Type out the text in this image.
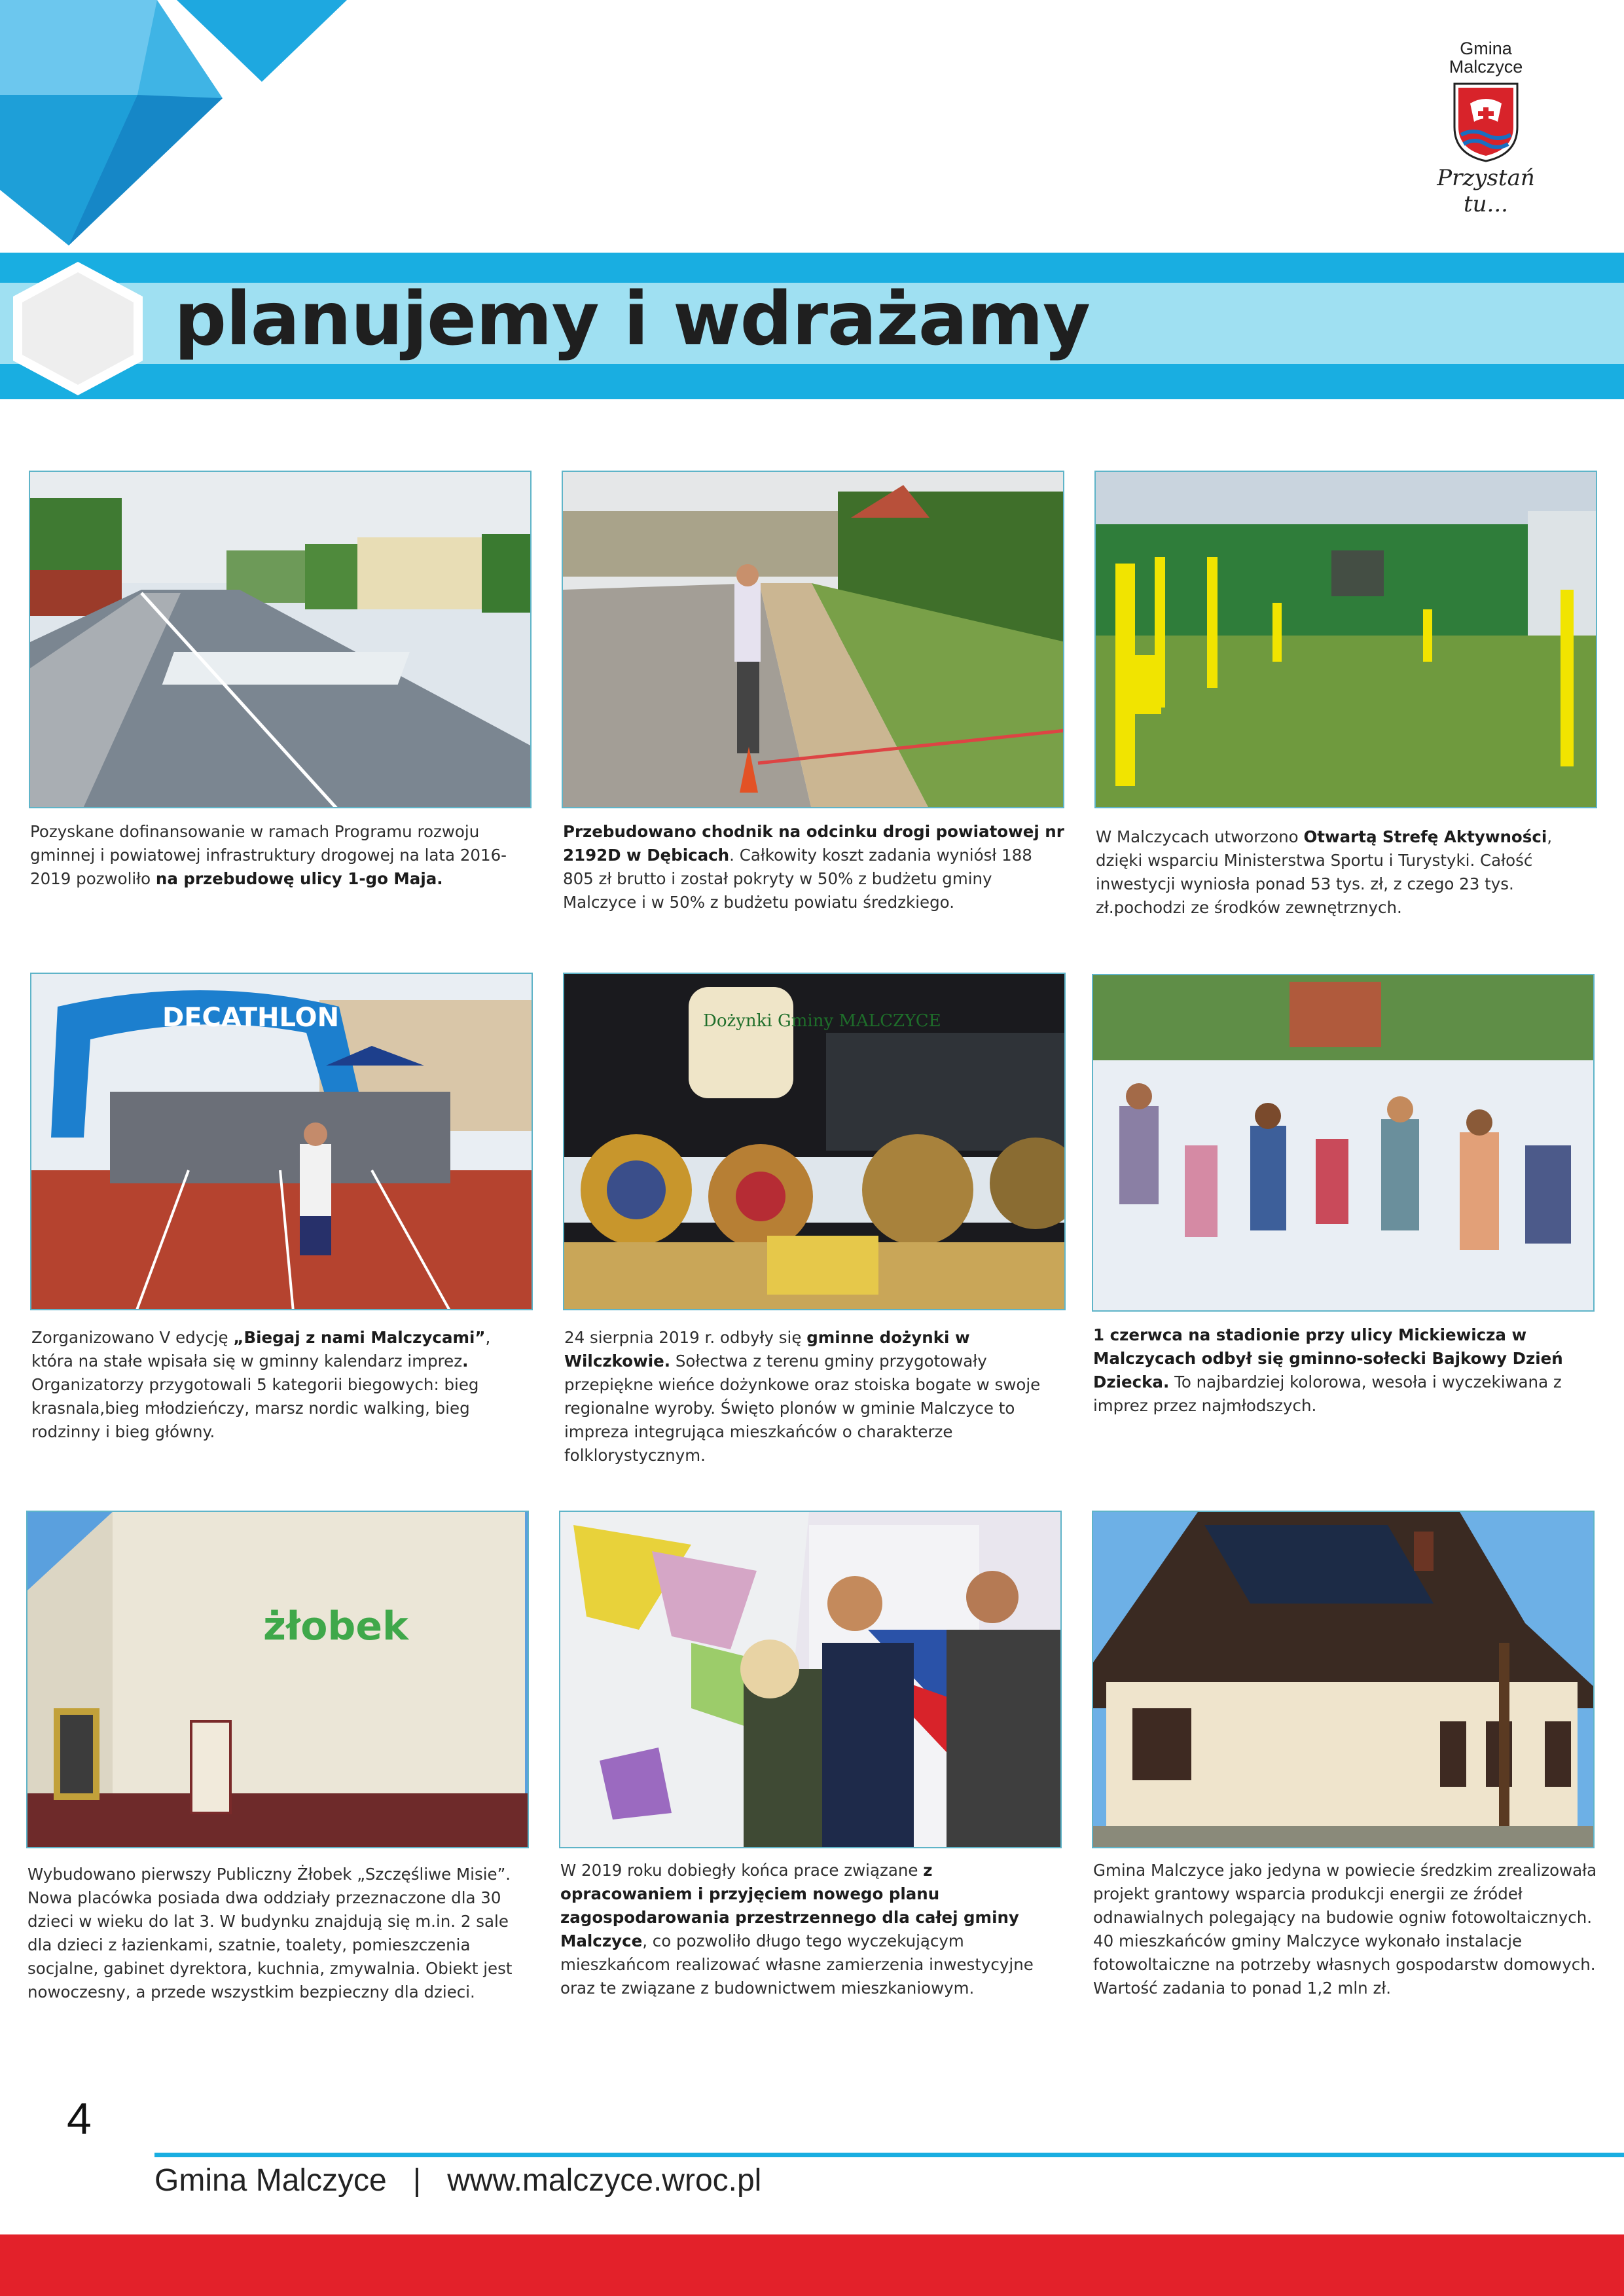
Gmina
Malczyce
Przystań tu...
planujemy i wdrażamy
Pozyskane dofinansowanie w ramach Programu rozwoju gminnej i powiatowej infrastruktury drogowej na lata 2016-2019 pozwoliło na przebudowę ulicy 1-go Maja.
Przebudowano chodnik na odcinku drogi powiatowej nr 2192D w Dębicach. Całkowity koszt zadania wyniósł 188 805 zł brutto i został pokryty w 50% z budżetu gminy Malczyce i w 50% z budżetu powiatu średzkiego.
W Malczycach utworzono Otwartą Strefę Aktywności, dzięki wsparciu Ministerstwa Sportu i Turystyki. Całość inwestycji wyniosła ponad 53 tys. zł, z czego 23 tys. zł.pochodzi ze środków zewnętrznych.
DECATHLON
Zorganizowano V edycję „Biegaj z nami Malczycami”, która na stałe wpisała się w gminny kalendarz imprez. Organizatorzy przygotowali 5 kategorii biegowych: bieg krasnala,bieg młodzieńczy, marsz nordic walking, bieg rodzinny i bieg główny.
Dożynki Gminy MALCZYCE
24 sierpnia 2019 r. odbyły się gminne dożynki w Wilczkowie. Sołectwa z terenu gminy przygotowały przepiękne wieńce dożynkowe oraz stoiska bogate w swoje regionalne wyroby. Święto plonów w gminie Malczyce to impreza integrująca mieszkańców o charakterze folklorystycznym.
1 czerwca na stadionie przy ulicy Mickiewicza w Malczycach odbył się gminno-sołecki Bajkowy Dzień Dziecka. To najbardziej kolorowa, wesoła i wyczekiwana z imprez przez najmłodszych.
żłobek
Wybudowano pierwszy Publiczny Żłobek „Szczęśliwe Misie”. Nowa placówka posiada dwa oddziały przeznaczone dla 30 dzieci w wieku do lat 3. W budynku znajdują się m.in. 2 sale dla dzieci z łazienkami, szatnie, toalety, pomieszczenia socjalne, gabinet dyrektora, kuchnia, zmywalnia. Obiekt jest nowoczesny, a przede wszystkim bezpieczny dla dzieci.
W 2019 roku dobiegły końca prace związane z opracowaniem i przyjęciem nowego planu zagospodarowania przestrzennego dla całej gminy Malczyce, co pozwoliło długo tego wyczekującym mieszkańcom realizować własne zamierzenia inwestycyjne oraz te związane z budownictwem mieszkaniowym.
Gmina Malczyce jako jedyna w powiecie średzkim zrealizowała projekt grantowy wsparcia produkcji energii ze źródeł odnawialnych polegający na budowie ogniw fotowoltaicznych. 40 mieszkańców gminy Malczyce wykonało instalacje fotowoltaiczne na potrzeby własnych gospodarstw domowych. Wartość zadania to ponad 1,2 mln zł.
4
Gmina Malczyce   |   www.malczyce.wroc.pl
